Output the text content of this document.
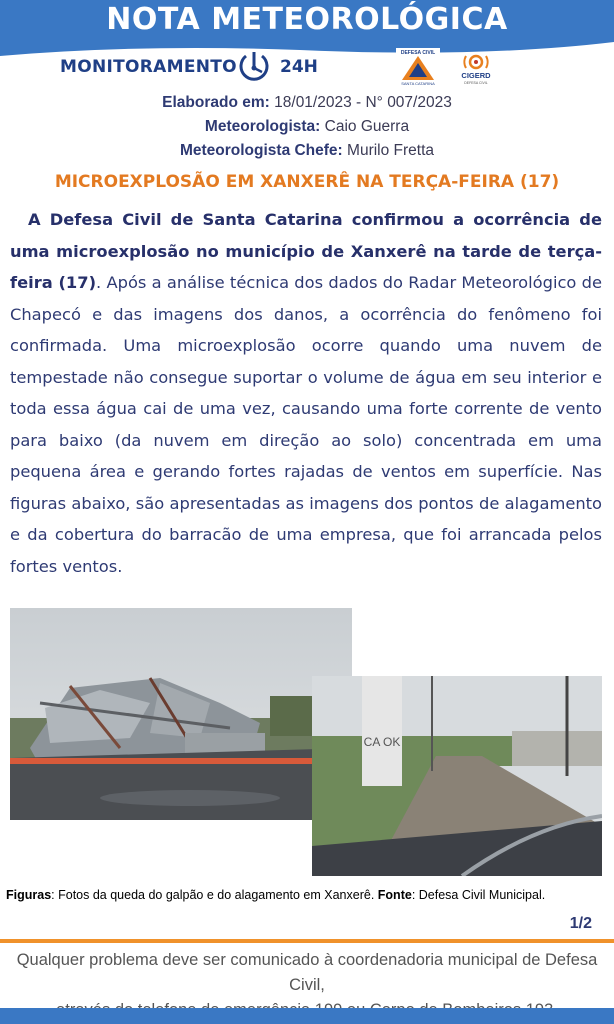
NOTA METEOROLÓGICA
MONITORAMENTO	24H
DEFESA CIVIL
SANTA CATARINA
CIGERD
DEFESA CIVIL
Elaborado em: 18/01/2023 - N° 007/2023
Meteorologista: Caio Guerra
Meteorologista Chefe: Murilo Fretta
MICROEXPLOSÃO EM XANXERÊ NA TERÇA-FEIRA (17)
A Defesa Civil de Santa Catarina confirmou a ocorrência de uma microexplosão no município de Xanxerê na tarde de terça-feira (17). Após a análise técnica dos dados do Radar Meteorológico de Chapecó e das imagens dos danos, a ocorrência do fenômeno foi confirmada. Uma microexplosão ocorre quando uma nuvem de tempestade não consegue suportar o volume de água em seu interior e toda essa água cai de uma vez, causando uma forte corrente de vento para baixo (da nuvem em direção ao solo) concentrada em uma pequena área e gerando fortes rajadas de ventos em superfície. Nas figuras abaixo, são apresentadas as imagens dos pontos de alagamento e da cobertura do barracão de uma empresa, que foi arrancada pelos fortes ventos.
CA OK
Figuras: Fotos da queda do galpão e do alagamento em Xanxerê. Fonte: Defesa Civil Municipal.
1/2
Qualquer problema deve ser comunicado à coordenadoria municipal de Defesa Civil,
